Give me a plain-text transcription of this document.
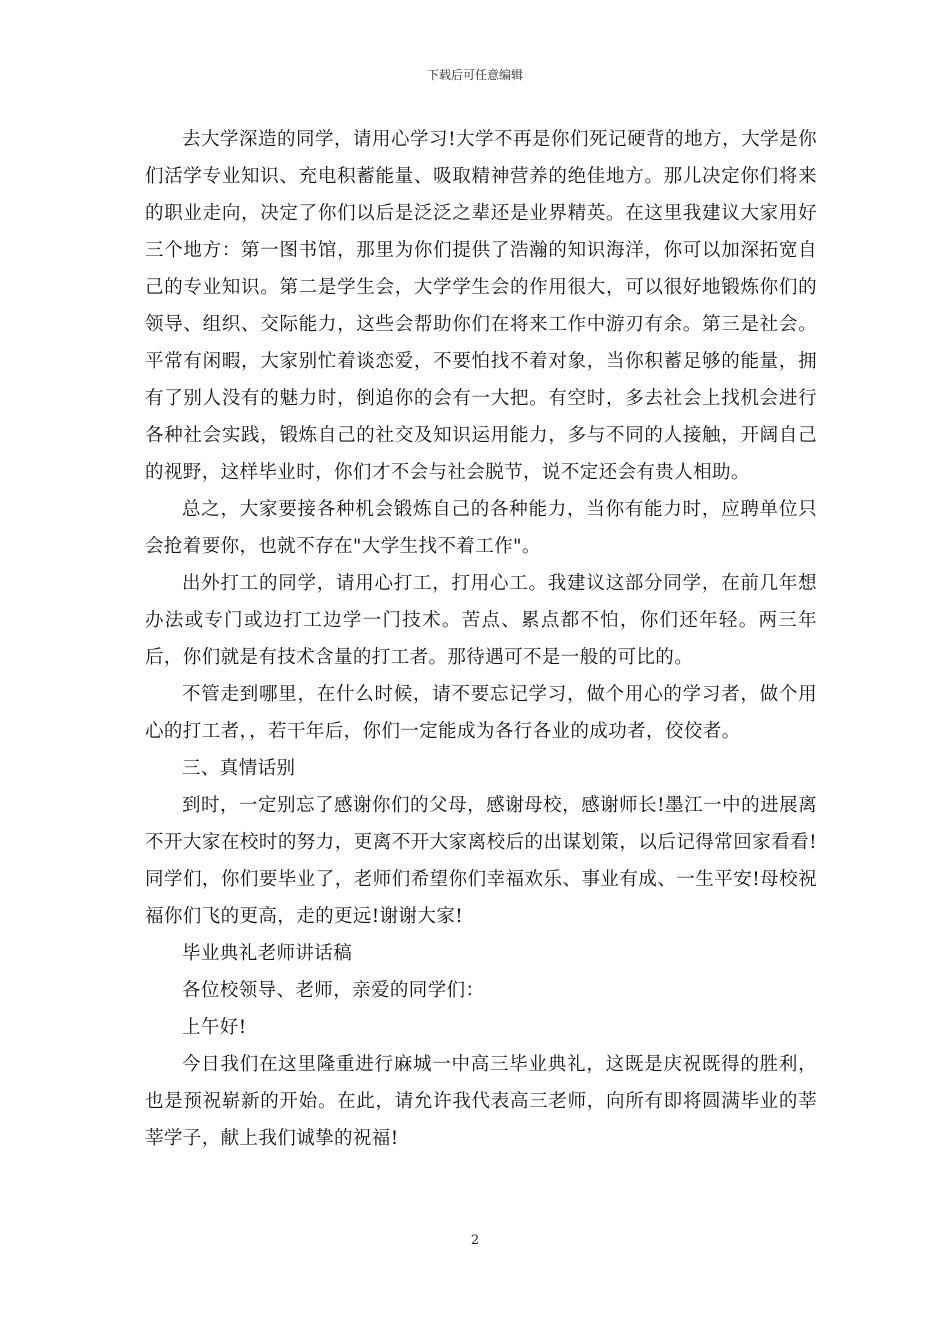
下载后可任意编辑

去大学深造的同学，请用心学习!大学不再是你们死记硬背的地方，大学是你们活学专业知识、充电积蓄能量、吸取精神营养的绝佳地方。那儿决定你们将来的职业走向，决定了你们以后是泛泛之辈还是业界精英。在这里我建议大家用好三个地方：第一图书馆，那里为你们提供了浩瀚的知识海洋，你可以加深拓宽自己的专业知识。第二是学生会，大学学生会的作用很大，可以很好地锻炼你们的领导、组织、交际能力，这些会帮助你们在将来工作中游刃有余。第三是社会。平常有闲暇，大家别忙着谈恋爱，不要怕找不着对象，当你积蓄足够的能量，拥有了别人没有的魅力时，倒追你的会有一大把。有空时，多去社会上找机会进行各种社会实践，锻炼自己的社交及知识运用能力，多与不同的人接触，开阔自己的视野，这样毕业时，你们才不会与社会脱节，说不定还会有贵人相助。

总之，大家要接各种机会锻炼自己的各种能力，当你有能力时，应聘单位只会抢着要你，也就不存在"大学生找不着工作"。

出外打工的同学，请用心打工，打用心工。我建议这部分同学，在前几年想办法或专门或边打工边学一门技术。苦点、累点都不怕，你们还年轻。两三年后，你们就是有技术含量的打工者。那待遇可不是一般的可比的。

不管走到哪里，在什么时候，请不要忘记学习，做个用心的学习者，做个用心的打工者，，若干年后，你们一定能成为各行各业的成功者，佼佼者。

三、真情话别

到时，一定别忘了感谢你们的父母，感谢母校，感谢师长!墨江一中的进展离不开大家在校时的努力，更离不开大家离校后的出谋划策，以后记得常回家看看!同学们，你们要毕业了，老师们希望你们幸福欢乐、事业有成、一生平安!母校祝福你们飞的更高，走的更远!谢谢大家!

毕业典礼老师讲话稿

各位校领导、老师，亲爱的同学们：

上午好!

今日我们在这里隆重进行麻城一中高三毕业典礼，这既是庆祝既得的胜利，也是预祝崭新的开始。在此，请允许我代表高三老师，向所有即将圆满毕业的莘莘学子，献上我们诚挚的祝福!

2
